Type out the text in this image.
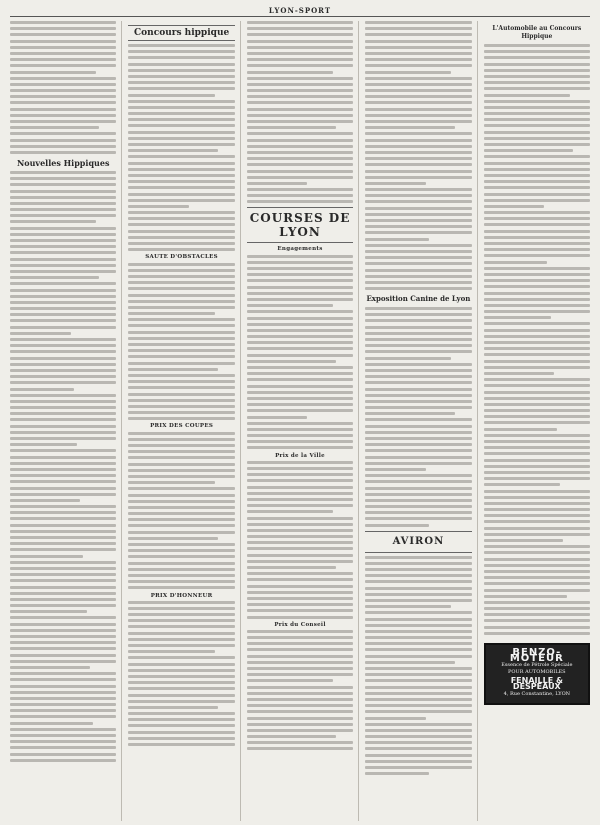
LYON-SPORT
Nouvelles Hippiques
Concours hippique
SAUTE D'OBSTACLES
PRIX DES COUPES
PRIX D'HONNEUR
COURSES DE LYON
Engagements
Prix de la Ville
Prix du Conseil
Exposition Canine de Lyon
AVIRON
L'Automobile au Concours Hippique
BENZO-MOTEUR
Essence de Pétrole Spéciale
POUR AUTOMOBILES
FENAILLE & DESPEAUX
4, Rue Constantine, LYON
